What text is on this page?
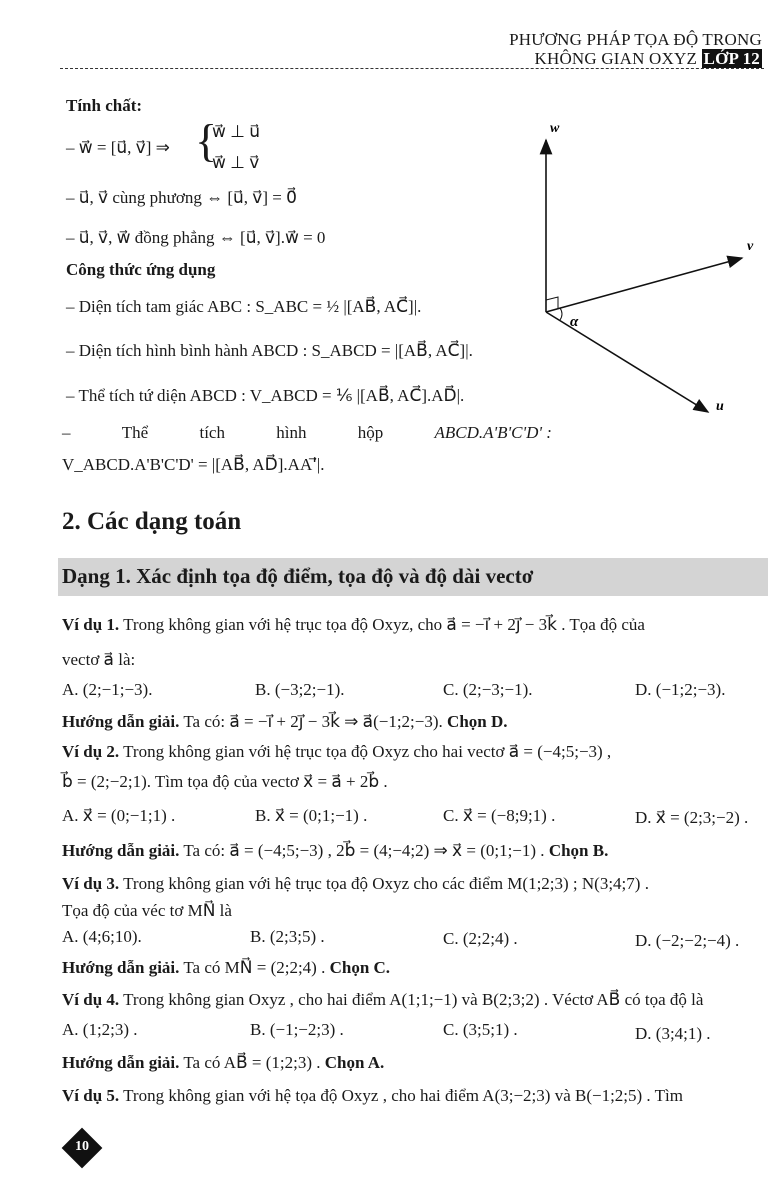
PHƯƠNG PHÁP TỌA ĐỘ TRONG
KHÔNG GIAN OXYZ LỚP 12
Tính chất:
– w⃗ = [u⃗, v⃗] ⇒ {
w⃗ ⊥ u⃗
w⃗ ⊥ v⃗
– u⃗, v⃗ cùng phương ⇔ [u⃗, v⃗] = 0⃗
– u⃗, v⃗, w⃗ đồng phẳng ⇔ [u⃗, v⃗].w⃗ = 0
Công thức ứng dụng
– Diện tích tam giác ABC : S_ABC = ½ |[AB⃗, AC⃗]|.
– Diện tích hình bình hành ABCD : S_ABCD = |[AB⃗, AC⃗]|.
– Thể tích tứ diện ABCD : V_ABCD = ⅙ |[AB⃗, AC⃗].AD⃗|.
–	Thể	tích	hình	hộp	ABCD.A'B'C'D' :
V_ABCD.A'B'C'D' = |[AB⃗, AD⃗].AA'⃗|.
w
v
u
α
2. Các dạng toán
Dạng 1. Xác định tọa độ điểm, tọa độ và độ dài vectơ
Ví dụ 1. Trong không gian với hệ trục tọa độ Oxyz, cho a⃗ = −i⃗ + 2j⃗ − 3k⃗ . Tọa độ của
vectơ a⃗ là:
A. (2;−1;−3).	B. (−3;2;−1).	C. (2;−3;−1).	D. (−1;2;−3).
Hướng dẫn giải. Ta có: a⃗ = −i⃗ + 2j⃗ − 3k⃗ ⇒ a⃗(−1;2;−3). Chọn D.
Ví dụ 2. Trong không gian với hệ trục tọa độ Oxyz cho hai vectơ a⃗ = (−4;5;−3) ,
b⃗ = (2;−2;1). Tìm tọa độ của vectơ x⃗ = a⃗ + 2b⃗ .
A. x⃗ = (0;−1;1) .	B. x⃗ = (0;1;−1) .	C. x⃗ = (−8;9;1) .	D. x⃗ = (2;3;−2) .
Hướng dẫn giải. Ta có: a⃗ = (−4;5;−3) , 2b⃗ = (4;−4;2) ⇒ x⃗ = (0;1;−1) . Chọn B.
Ví dụ 3. Trong không gian với hệ trục tọa độ Oxyz cho các điểm M(1;2;3) ; N(3;4;7) .
Tọa độ của véc tơ MN⃗ là
A. (4;6;10).	B. (2;3;5) .	C. (2;2;4) .	D. (−2;−2;−4) .
Hướng dẫn giải. Ta có MN⃗ = (2;2;4) . Chọn C.
Ví dụ 4. Trong không gian Oxyz , cho hai điểm A(1;1;−1) và B(2;3;2) . Véctơ AB⃗ có tọa độ là
A. (1;2;3) .	B. (−1;−2;3) .	C. (3;5;1) .	D. (3;4;1) .
Hướng dẫn giải. Ta có AB⃗ = (1;2;3) . Chọn A.
Ví dụ 5. Trong không gian với hệ tọa độ Oxyz , cho hai điểm A(3;−2;3) và B(−1;2;5) . Tìm
10
